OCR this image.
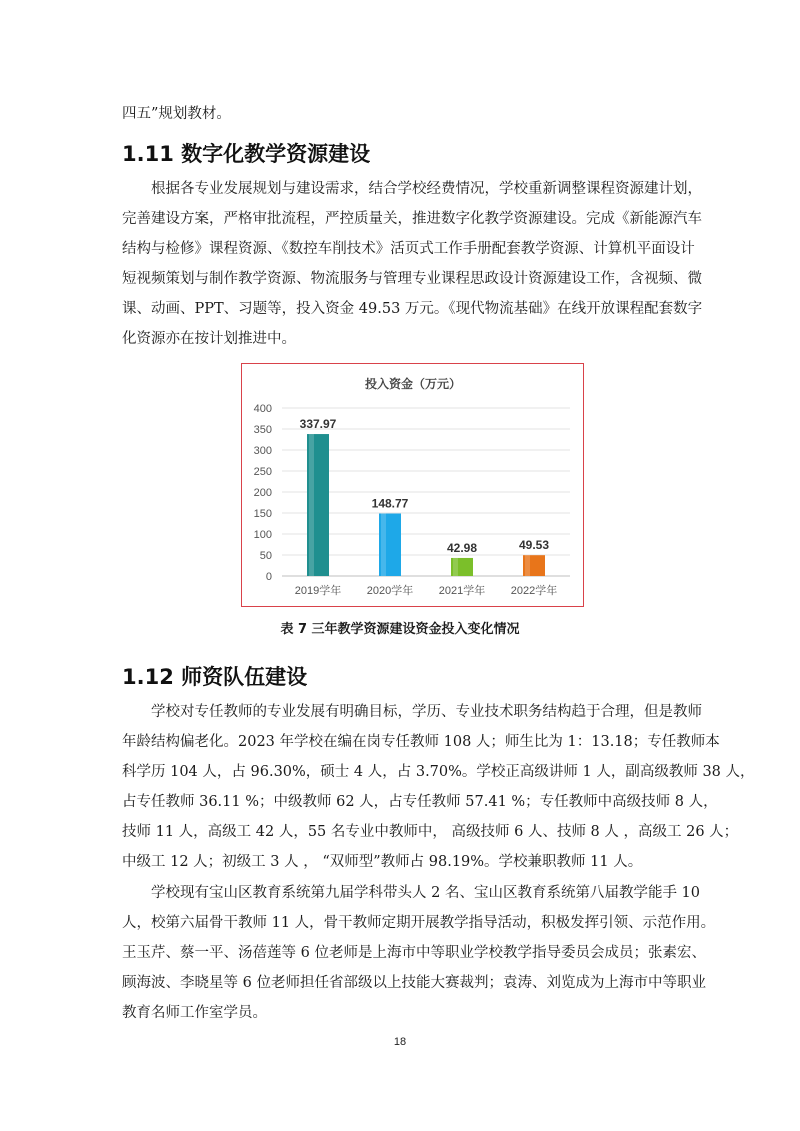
四五”规划教材。
1.11 数字化教学资源建设
根据各专业发展规划与建设需求，结合学校经费情况，学校重新调整课程资源建计划，
完善建设方案，严格审批流程，严控质量关，推进数字化教学资源建设。完成《新能源汽车
结构与检修》课程资源、《数控车削技术》活页式工作手册配套教学资源、计算机平面设计
短视频策划与制作教学资源、物流服务与管理专业课程思政设计资源建设工作，含视频、微
课、动画、PPT、习题等，投入资金 49.53 万元。《现代物流基础》在线开放课程配套数字
化资源亦在按计划推进中。
投入资金（万元）
0
50
100
150
200
250
300
350
400
337.97
2019学年
148.77
2020学年
42.98
2021学年
49.53
2022学年
表 7 三年教学资源建设资金投入变化情况
1.12 师资队伍建设
学校对专任教师的专业发展有明确目标，学历、专业技术职务结构趋于合理，但是教师
年龄结构偏老化。2023 年学校在编在岗专任教师 108 人；师生比为 1：13.18；专任教师本
科学历 104 人，占 96.30%，硕士 4 人，占 3.70%。学校正高级讲师 1 人，副高级教师 38 人，
占专任教师 36.11 %；中级教师 62 人，占专任教师 57.41 %；专任教师中高级技师 8 人，
技师 11 人，高级工 42 人，55 名专业中教师中， 高级技师 6 人、技师 8 人 ，高级工 26 人；
中级工 12 人；初级工 3 人 ， “双师型”教师占 98.19%。学校兼职教师 11 人。
学校现有宝山区教育系统第九届学科带头人 2 名、宝山区教育系统第八届教学能手 10
人，校第六届骨干教师 11 人，骨干教师定期开展教学指导活动，积极发挥引领、示范作用。
王玉芹、蔡一平、汤蓓莲等 6 位老师是上海市中等职业学校教学指导委员会成员；张素宏、
顾海波、李晓星等 6 位老师担任省部级以上技能大赛裁判；袁涛、刘览成为上海市中等职业
教育名师工作室学员。
18
